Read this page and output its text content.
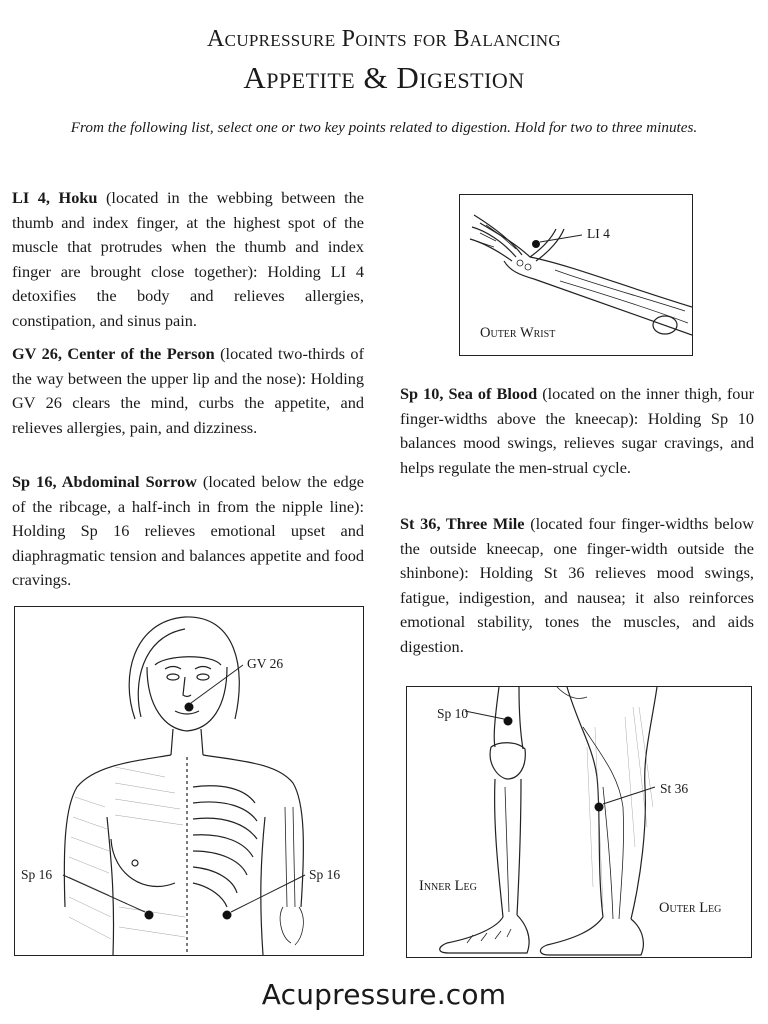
Acupressure Points for Balancing
Appetite & Digestion
From the following list, select one or two key points related to digestion. Hold for two to three minutes.
LI 4, Hoku (located in the webbing between the thumb and index finger, at the highest spot of the muscle that protrudes when the thumb and index finger are brought close together): Holding LI 4 detoxifies the body and relieves allergies, constipation, and sinus pain.
GV 26, Center of the Person (located two-thirds of the way between the upper lip and the nose): Holding GV 26 clears the mind, curbs the appetite, and relieves allergies, pain, and dizziness.
Sp 16, Abdominal Sorrow (located below the edge of the ribcage, a half-inch in from the nipple line): Holding Sp 16 relieves emotional upset and diaphragmatic tension and balances appetite and food cravings.
Sp 10, Sea of Blood (located on the inner thigh, four finger-widths above the kneecap): Holding Sp 10 balances mood swings, relieves sugar cravings, and helps regulate the men-strual cycle.
St 36, Three Mile (located four finger-widths below the outside kneecap, one finger-width outside the shinbone): Holding St 36 relieves mood swings, fatigue, indigestion, and nausea; it also reinforces emotional stability, tones the muscles, and aids digestion.
LI 4
Outer Wrist
GV 26
Sp 16	Sp 16
Sp 10
St 36
Inner Leg
Outer Leg
Acupressure.com
